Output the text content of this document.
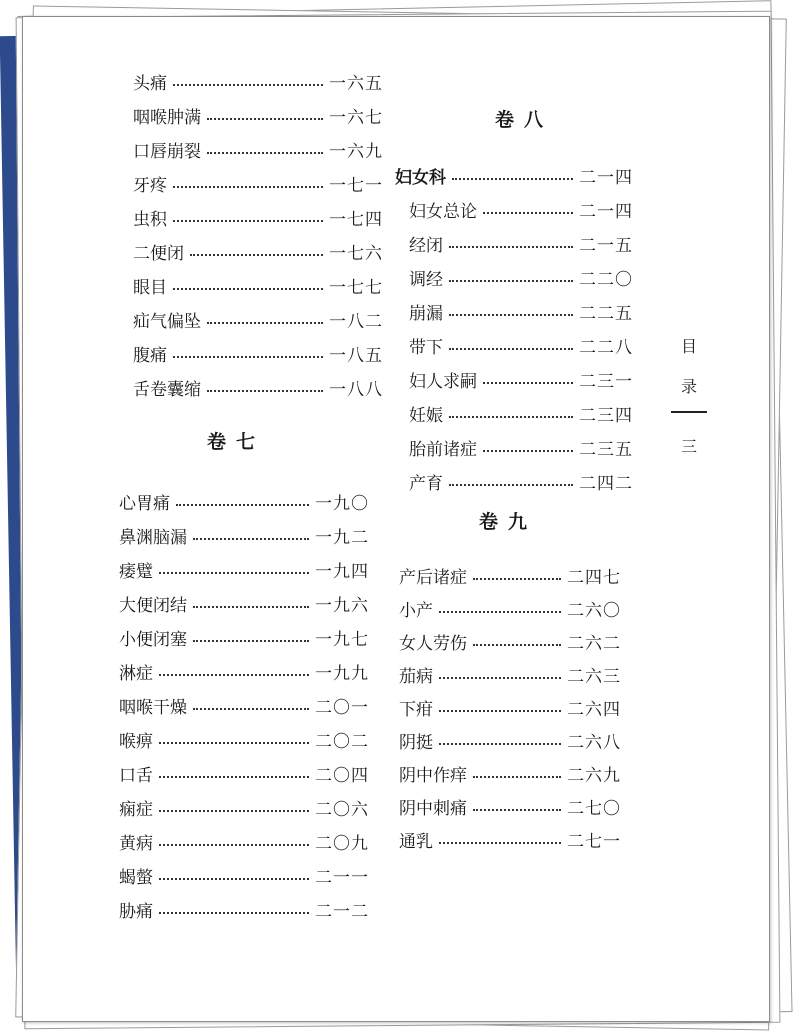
头痛	一六五
咽喉肿满	一六七
口唇崩裂	一六九
牙疼	一七一
虫积	一七四
二便闭	一七六
眼目	一七七
疝气偏坠	一八二
腹痛	一八五
舌卷囊缩	一八八
卷七
心胃痛	一九〇
鼻渊脑漏	一九二
痿躄	一九四
大便闭结	一九六
小便闭塞	一九七
淋症	一九九
咽喉干燥	二〇一
喉痹	二〇二
口舌	二〇四
痫症	二〇六
黄病	二〇九
蝎螫	二一一
胁痛	二一二
卷八
妇女科	二一四
妇女总论	二一四
经闭	二一五
调经	二二〇
崩漏	二二五
带下	二二八
妇人求嗣	二三一
妊娠	二三四
胎前诸症	二三五
产育	二四二
卷九
产后诸症	二四七
小产	二六〇
女人劳伤	二六二
茄病	二六三
下疳	二六四
阴挺	二六八
阴中作痒	二六九
阴中刺痛	二七〇
通乳	二七一
目
录
三
